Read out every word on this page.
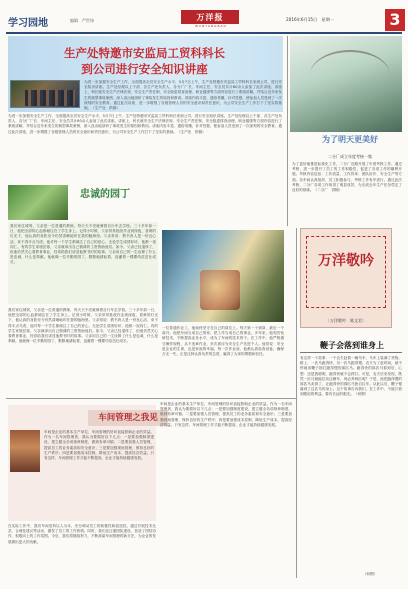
学习园地	编辑　严世炜	万洋报
WANYANGBAO
2016年6月15日　星期一	3
生产处特邀市安监局工贸科科长
到公司进行安全知识讲座
为进一步加强安全生产工作，全面提高全员安全生产水平，5月7日上午，生产处特邀市安监局工贸科科长来到公司，进行安全知识讲座。生产处经理以上干部、各生产处负责人、各分厂厂长、车间主任、安全员共计80余人参加了此次讲座。讲座上，科长就安全生产法律法规、安全生产责任制、安全隐患排查治理、职业健康等方面内容进行了系统讲解，并结合近年来发生的典型事故案例，深入浅出地剖析了事故发生的原因和教训。讲座内容丰富，通俗易懂，针对性强，使参加人员受到了一次深刻的安全教育。通过此次讲座，进一步增强了各级管理人员的安全意识和责任意识，为公司安全生产工作打下了坚实的基础。（生产处　供稿）
为进一步加强安全生产工作，全面提高全员安全生产水平，5月7日上午，生产处特邀市安监局工贸科科长来到公司，进行安全知识讲座。生产处经理以上干部、各生产处负责人、各分厂厂长、车间主任、安全员共计80余人参加了此次讲座。讲座上，科长就安全生产法律法规、安全生产责任制、安全隐患排查治理、职业健康等方面内容进行了系统讲解，并结合近年来发生的典型事故案例，深入浅出地剖析了事故发生的原因和教训。讲座内容丰富，通俗易懂，针对性强，使参加人员受到了一次深刻的安全教育。通过此次讲座，进一步增强了各级管理人员的安全意识和责任意识，为公司安全生产工作打下了坚实的基础。（生产处　供稿）
为了明天更美好
二分厂成立年度考核一集
为了更好地推进标准化工作，二分厂近期开展了年度考核工作。通过考核，进一步提升了员工的工作积极性，促进了各项工作的顺利开展。考核内容包括：工作质量、工作效率、团队协作、安全生产等方面。各车间认真组织，员工积极参与，考核工作有序进行。通过此次考核，二分厂各项工作取得了明显成效，为完成全年生产任务奠定了良好的基础。（二分厂　供稿）
忠诚的园丁
我们家住城郊，父亲是一位普通的教师，每天天不亮就骑着自行车去学校。三十多年如一日，他把全部的心血都倾注在了学生身上。记得小时候，父亲常常批改作业到深夜，昏黄的灯光下，他认真的身影至今仍然清晰地印在我的脑海里。父亲常说：教书育人是一份良心活，来不得半点马虎。他对每一个学生都倾注了自己的爱心，无论学生成绩好坏，他都一视同仁。有的学生家境贫寒，父亲就拿出自己微薄的工资资助他们。如今，父亲已经退休了，但他仍然关心着教育事业，经常给我们讲述他教书时的故事。父亲用自己的一生诠释了什么是忠诚，什么是奉献。他就像一位辛勤的园丁，默默地耕耘着，浇灌着一棵棵幼苗茁壮成长。
一位普通作业工，他始终坚守在自己的岗位上。每天第一个到岗，最后一个离开。他把车间当成自己的家，把工作当成自己的事业。多年来，他刻苦钻研技术，不断提高业务水平，成为了车间的技术骨干。在工作中，他严格遵守操作规程，从不违章作业，多次被评为安全生产先进个人。他常说：安全是企业的生命，也是家庭的幸福。每一次作业前，他都认真检查设备，确保万无一失。正是这种认真负责的态度，赢得了大家的尊敬和信任。
万洋敬吟
〔万洋敬吟　陈文君〕
鞭子会落到谁身上
有这样一个故事：一个农夫赶着一辆马车，马车上装满了货物。路上，一匹马跑得快，另一匹马跑得慢。农夫为了赶时间，就不停地用鞭子抽打跑得慢的那匹马。跑得快的那匹马看到后，心想：还是我聪明，跑得快就不会挨打。可是，农夫后来发现，既然一匹马就能拉动这辆车，何必养两匹呢？于是，他把跑得慢的那匹马卖掉了，让跑得快的那匹马独自拉车。从此以后，鞭子便落到了这匹马的身上。这个故事告诉我们，在工作中，不能只看到眼前的利益，要有长远的眼光。（何钢）
（何钢）
我们家住城郊，父亲是一位普通的教师，每天天不亮就骑着自行车去学校。三十多年如一日，他把全部的心血都倾注在了学生身上。记得小时候，父亲常常批改作业到深夜，昏黄的灯光下，他认真的身影至今仍然清晰地印在我的脑海里。父亲常说：教书育人是一份良心活，来不得半点马虎。他对每一个学生都倾注了自己的爱心，无论学生成绩好坏，他都一视同仁。有的学生家境贫寒，父亲就拿出自己微薄的工资资助他们。如今，父亲已经退休了，但他仍然关心着教育事业，经常给我们讲述他教书时的故事。父亲用自己的一生诠释了什么是忠诚，什么是奉献。他就像一位辛勤的园丁，默默地耕耘着，浇灌着一棵棵幼苗茁壮成长。
车间管理之我见
车间是企业的基本生产单位，车间管理的好坏直接影响企业的效益。作为一名车间管理者，我认为要做好以下几点：一是要加强制度建设，建立健全各项规章制度，做到有章可循；二是要加强人员管理，提高员工的业务素质和安全意识；三是要加强现场管理，保持良好的生产秩序；四是要加强成本控制，降低生产成本，提高经济效益。只有这样，车间管理工作才能不断提高，企业才能持续健康发展。
在实际工作中，我们车间坚持以人为本，充分调动员工的积极性和创造性。通过开展技术比武、合理化建议等活动，激发了员工的工作热情。同时，我们还注重团队建设，营造了团结协作、积极向上的工作氛围。今后，我们将继续努力，不断探索车间管理的新方法，为企业的发展做出更大的贡献。
车间是企业的基本生产单位，车间管理的好坏直接影响企业的效益。作为一名车间管理者，我认为要做好以下几点：一是要加强制度建设，建立健全各项规章制度，做到有章可循；二是要加强人员管理，提高员工的业务素质和安全意识；三是要加强现场管理，保持良好的生产秩序；四是要加强成本控制，降低生产成本，提高经济效益。只有这样，车间管理工作才能不断提高，企业才能持续健康发展。
